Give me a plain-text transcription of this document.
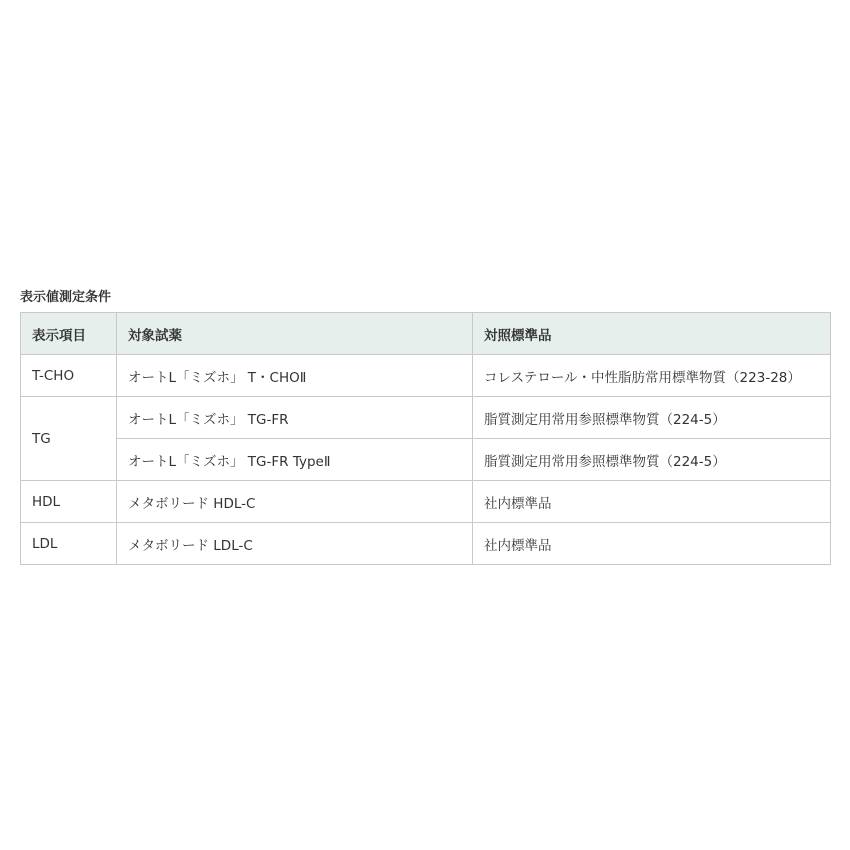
表示値測定条件
表示項目	対象試薬	対照標準品
T-CHO	オートL「ミズホ」 T・CHOⅡ	コレステロール・中性脂肪常用標準物質（223-28）
TG	オートL「ミズホ」 TG-FR	脂質測定用常用参照標準物質（224-5）
	オートL「ミズホ」 TG-FR TypeⅡ	脂質測定用常用参照標準物質（224-5）
HDL	メタボリード HDL-C	社内標準品
LDL	メタボリード LDL-C	社内標準品
